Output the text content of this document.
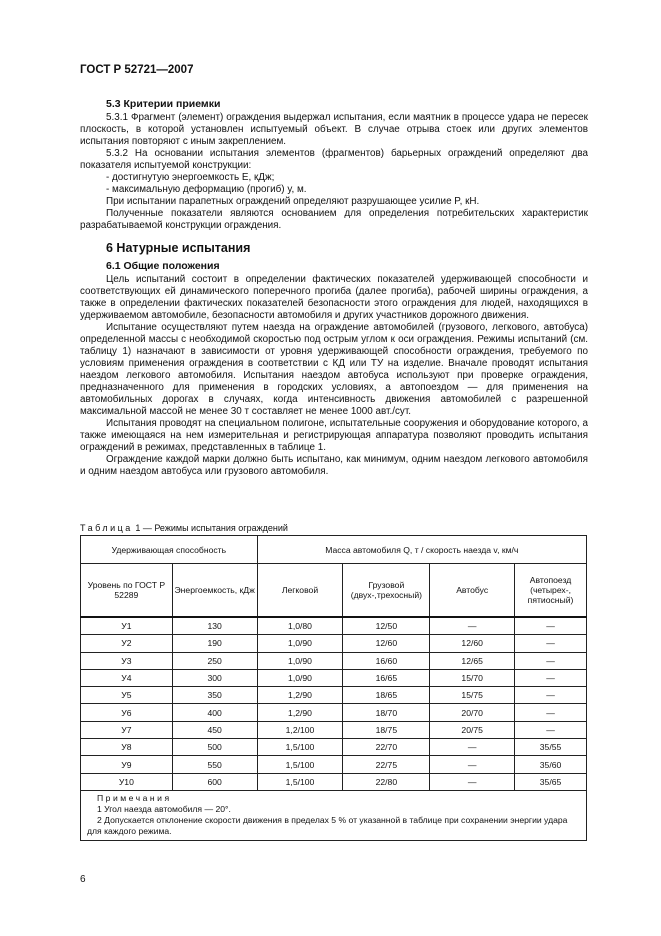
ГОСТ Р 52721—2007
5.3 Критерии приемки

5.3.1 Фрагмент (элемент) ограждения выдержал испытания, если маятник в процессе удара не пересек плоскость, в которой установлен испытуемый объект. В случае отрыва стоек или других элементов испытания повторяют с иным закреплением.

5.3.2 На основании испытания элементов (фрагментов) барьерных ограждений определяют два показателя испытуемой конструкции:

- достигнутую энергоемкость E, кДж;

- максимальную деформацию (прогиб) y, м.

При испытании парапетных ограждений определяют разрушающее усилие P, кН.

Полученные показатели являются основанием для определения потребительских характеристик разрабатываемой конструкции ограждения.

6 Натурные испытания
6.1 Общие положения

Цель испытаний состоит в определении фактических показателей удерживающей способности и соответствующих ей динамического поперечного прогиба (далее прогиба), рабочей ширины ограждения, а также в определении фактических показателей безопасности этого ограждения для людей, находящихся в удерживаемом автомобиле, безопасности автомобиля и других участников дорожного движения.

Испытание осуществляют путем наезда на ограждение автомобилей (грузового, легкового, автобуса) определенной массы с необходимой скоростью под острым углом к оси ограждения. Режимы испытаний (см. таблицу 1) назначают в зависимости от уровня удерживающей способности ограждения, требуемого по условиям применения ограждения в соответствии с КД или ТУ на изделие. Вначале проводят испытания наездом легкового автомобиля. Испытания наездом автобуса используют при проверке ограждения, предназначенного для применения в городских условиях, а автопоездом — для применения на автомобильных дорогах в случаях, когда интенсивность движения автомобилей с разрешенной максимальной массой не менее 30 т составляет не менее 1000 авт./сут.

Испытания проводят на специальном полигоне, испытательные сооружения и оборудование которого, а также имеющаяся на нем измерительная и регистрирующая аппаратура позволяют проводить испытания ограждений в режимах, представленных в таблице 1.

Ограждение каждой марки должно быть испытано, как минимум, одним наездом легкового автомобиля и одним наездом автобуса или грузового автомобиля.

Таблица 1 — Режимы испытания ограждений
Удерживающая способность		Масса автомобиля Q, т / скорость наезда v, км/ч			
Уровень по ГОСТ Р 52289	Энергоемкость, кДж	Легковой	Грузовой (двух-,трехосный)	Автобус	Автопоезд (четырех-, пятиосный)
У1	130	1,0/80	12/50	—	—
У2	190	1,0/90	12/60	12/60	—
У3	250	1,0/90	16/60	12/65	—
У4	300	1,0/90	16/65	15/70	—
У5	350	1,2/90	18/65	15/75	—
У6	400	1,2/90	18/70	20/70	—
У7	450	1,2/100	18/75	20/75	—
У8	500	1,5/100	22/70	—	35/55
У9	550	1,5/100	22/75	—	35/60
У10	600	1,5/100	22/80	—	35/65

Примечания
1 Угол наезда автомобиля — 20°.
2 Допускается отклонение скорости движения в пределах 5 % от указанной в таблице при сохранении энергии удара для каждого режима.					
6
